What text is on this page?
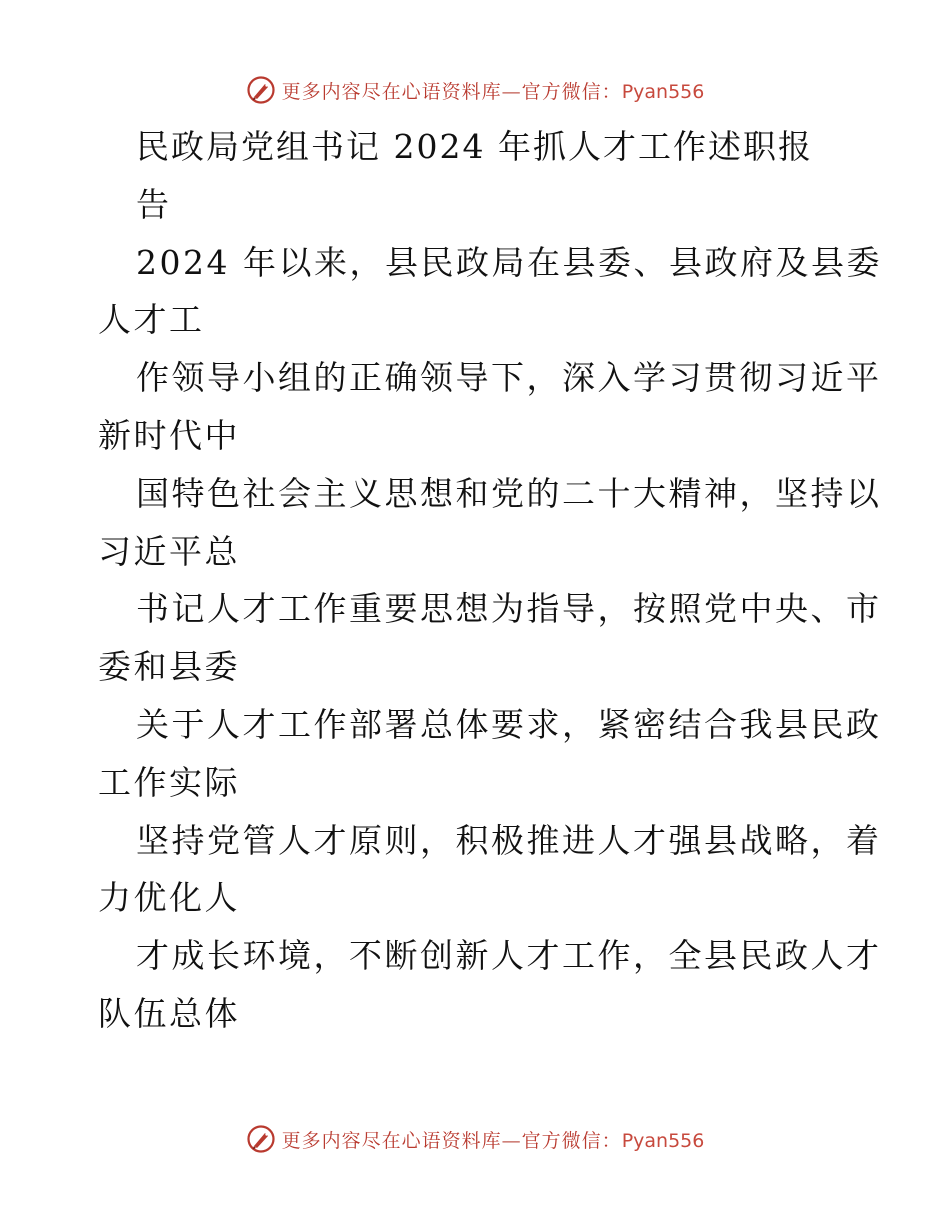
更多内容尽在心语资料库—官方微信：Pyan556
民政局党组书记 2024 年抓人才工作述职报
告
2024 年以来，县民政局在县委、县政府及县委
人才工
作领导小组的正确领导下，深入学习贯彻习近平
新时代中
国特色社会主义思想和党的二十大精神，坚持以
习近平总
书记人才工作重要思想为指导，按照党中央、市
委和县委
关于人才工作部署总体要求，紧密结合我县民政
工作实际
坚持党管人才原则，积极推进人才强县战略，着
力优化人
才成长环境，不断创新人才工作，全县民政人才
队伍总体
更多内容尽在心语资料库—官方微信：Pyan556
